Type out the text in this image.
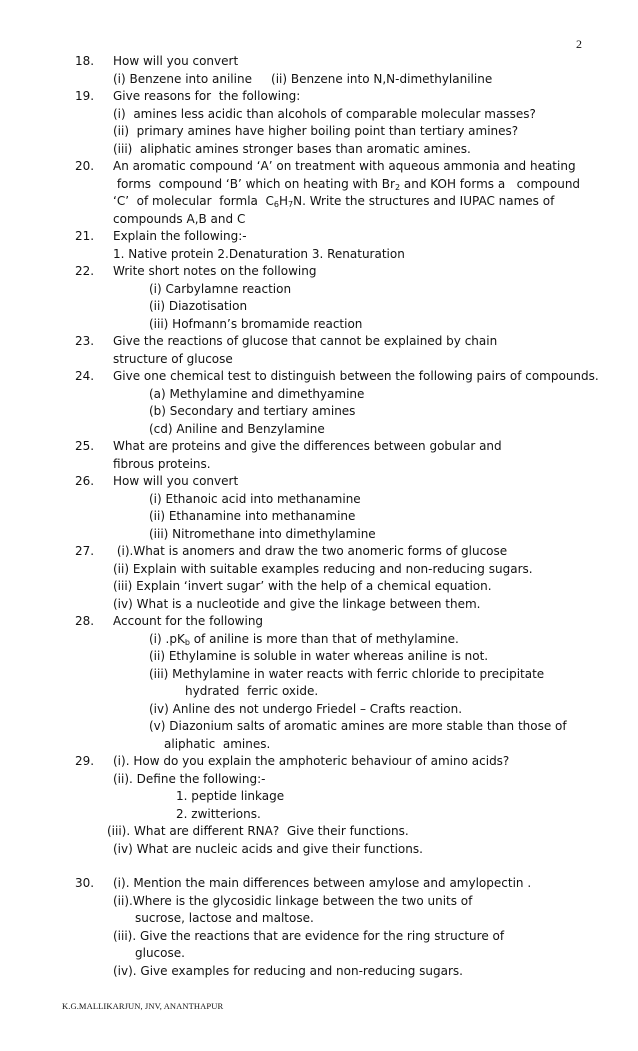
2
18. How will you convert
(i) Benzene into aniline     (ii) Benzene into N,N-dimethylaniline
19. Give reasons for  the following:
(i)  amines less acidic than alcohols of comparable molecular masses?
(ii)  primary amines have higher boiling point than tertiary amines?
(iii)  aliphatic amines stronger bases than aromatic amines.
20. An aromatic compound ‘A’ on treatment with aqueous ammonia and heating
forms  compound ‘B’ which on heating with $Br_2$ and KOH forms a   compound
‘C’  of molecular  formla  $C_6H_7N$. Write the structures and IUPAC names of
compounds A,B and C
21. Explain the following:-
1. Native protein 2.Denaturation 3. Renaturation
22. Write short notes on the following
(i) Carbylamne reaction
(ii) Diazotisation
(iii) Hofmann’s bromamide reaction
23. Give the reactions of glucose that cannot be explained by chain
structure of glucose
24. Give one chemical test to distinguish between the following pairs of compounds.
(a) Methylamine and dimethyamine
(b) Secondary and tertiary amines
(cd) Aniline and Benzylamine
25. What are proteins and give the differences between gobular and
fibrous proteins.
26. How will you convert
(i) Ethanoic acid into methanamine
(ii) Ethanamine into methanamine
(iii) Nitromethane into dimethylamine
27. (i).What is anomers and draw the two anomeric forms of glucose
(ii) Explain with suitable examples reducing and non-reducing sugars.
(iii) Explain ‘invert sugar’ with the help of a chemical equation.
(iv) What is a nucleotide and give the linkage between them.
28. Account for the following
(i) $.pK_b$ of aniline is more than that of methylamine.
(ii) Ethylamine is soluble in water whereas aniline is not.
(iii) Methylamine in water reacts with ferric chloride to precipitate
hydrated  ferric oxide.
(iv) Anline des not undergo Friedel – Crafts reaction.
(v) Diazonium salts of aromatic amines are more stable than those of
aliphatic  amines.
29. (i). How do you explain the amphoteric behaviour of amino acids?
(ii). Define the following:-
1. peptide linkage
2. zwitterions.
(iii). What are different RNA?  Give their functions.
(iv) What are nucleic acids and give their functions.
30. (i). Mention the main differences between amylose and amylopectin .
(ii).Where is the glycosidic linkage between the two units of
sucrose, lactose and maltose.
(iii). Give the reactions that are evidence for the ring structure of
glucose.
(iv). Give examples for reducing and non-reducing sugars.
K.G.MALLIKARJUN, JNV, ANANTHAPUR
